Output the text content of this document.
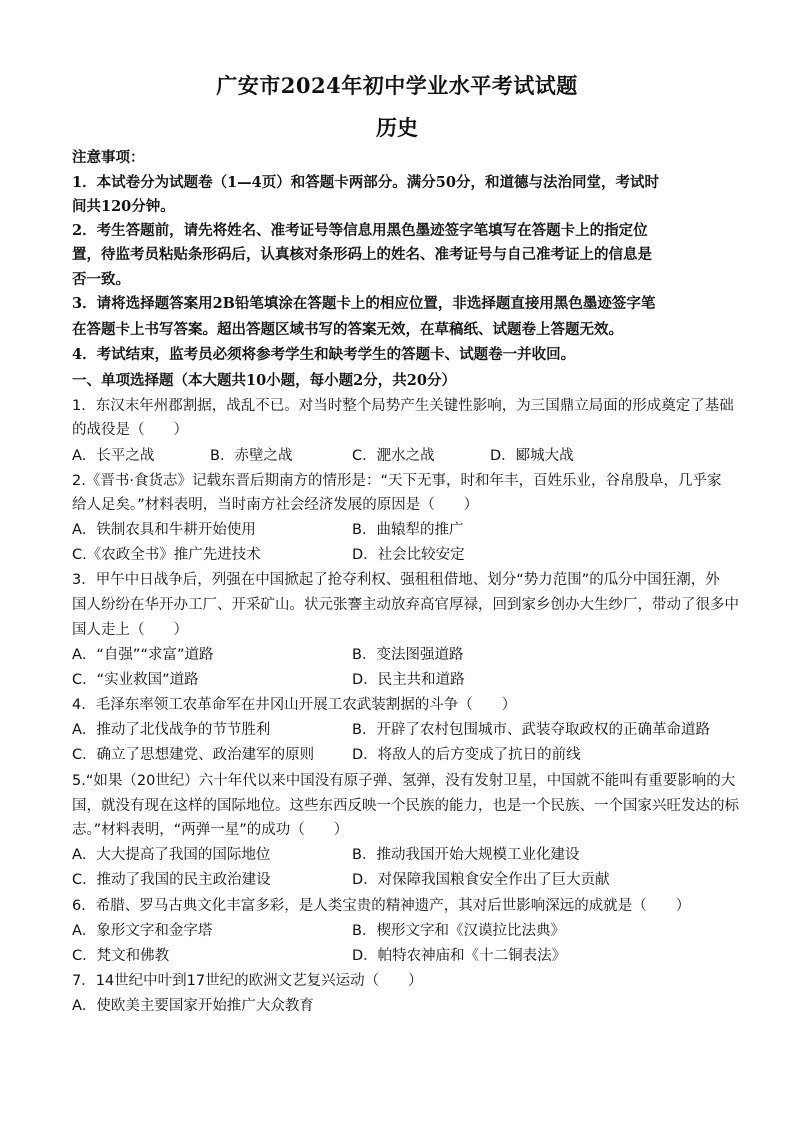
广安市2024年初中学业水平考试试题
历史
注意事项：
1．本试卷分为试题卷（1—4页）和答题卡两部分。满分50分，和道德与法治同堂，考试时
间共120分钟。
2．考生答题前，请先将姓名、准考证号等信息用黑色墨迹签字笔填写在答题卡上的指定位
置，待监考员粘贴条形码后，认真核对条形码上的姓名、准考证号与自己准考证上的信息是
否一致。
3．请将选择题答案用2B铅笔填涂在答题卡上的相应位置，非选择题直接用黑色墨迹签字笔
在答题卡上书写答案。超出答题区域书写的答案无效，在草稿纸、试题卷上答题无效。
4．考试结束，监考员必须将参考学生和缺考学生的答题卡、试题卷一并收回。
一、单项选择题（本大题共10小题，每小题2分，共20分）
1．东汉末年州郡割据，战乱不已。对当时整个局势产生关键性影响，为三国鼎立局面的形成奠定了基础
的战役是（　　）
A．长平之战	B．赤壁之战	C．淝水之战	D．郾城大战
2.《晋书·食货志》记载东晋后期南方的情形是：“天下无事，时和年丰，百姓乐业，谷帛殷阜，几乎家
给人足矣。”材料表明，当时南方社会经济发展的原因是（　　）
A．铁制农具和牛耕开始使用	B．曲辕犁的推广
C.《农政全书》推广先进技术	D．社会比较安定
3．甲午中日战争后，列强在中国掀起了抢夺利权、强租租借地、划分“势力范围”的瓜分中国狂潮，外
国人纷纷在华开办工厂、开采矿山。状元张謇主动放弃高官厚禄，回到家乡创办大生纱厂，带动了很多中
国人走上（　　）
A．“自强”“求富”道路	B．变法图强道路
C．“实业救国”道路	D．民主共和道路
4．毛泽东率领工农革命军在井冈山开展工农武装割据的斗争（　　）
A．推动了北伐战争的节节胜利	B．开辟了农村包围城市、武装夺取政权的正确革命道路
C．确立了思想建党、政治建军的原则	D．将敌人的后方变成了抗日的前线
5.“如果（20世纪）六十年代以来中国没有原子弹、氢弹，没有发射卫星，中国就不能叫有重要影响的大
国，就没有现在这样的国际地位。这些东西反映一个民族的能力，也是一个民族、一个国家兴旺发达的标
志。”材料表明，“两弹一星”的成功（　　）
A．大大提高了我国的国际地位	B．推动我国开始大规模工业化建设
C．推动了我国的民主政治建设	D．对保障我国粮食安全作出了巨大贡献
6．希腊、罗马古典文化丰富多彩，是人类宝贵的精神遗产，其对后世影响深远的成就是（　　）
A．象形文字和金字塔	B．楔形文字和《汉谟拉比法典》
C．梵文和佛教	D．帕特农神庙和《十二铜表法》
7．14世纪中叶到17世纪的欧洲文艺复兴运动（　　）
A．使欧美主要国家开始推广大众教育
